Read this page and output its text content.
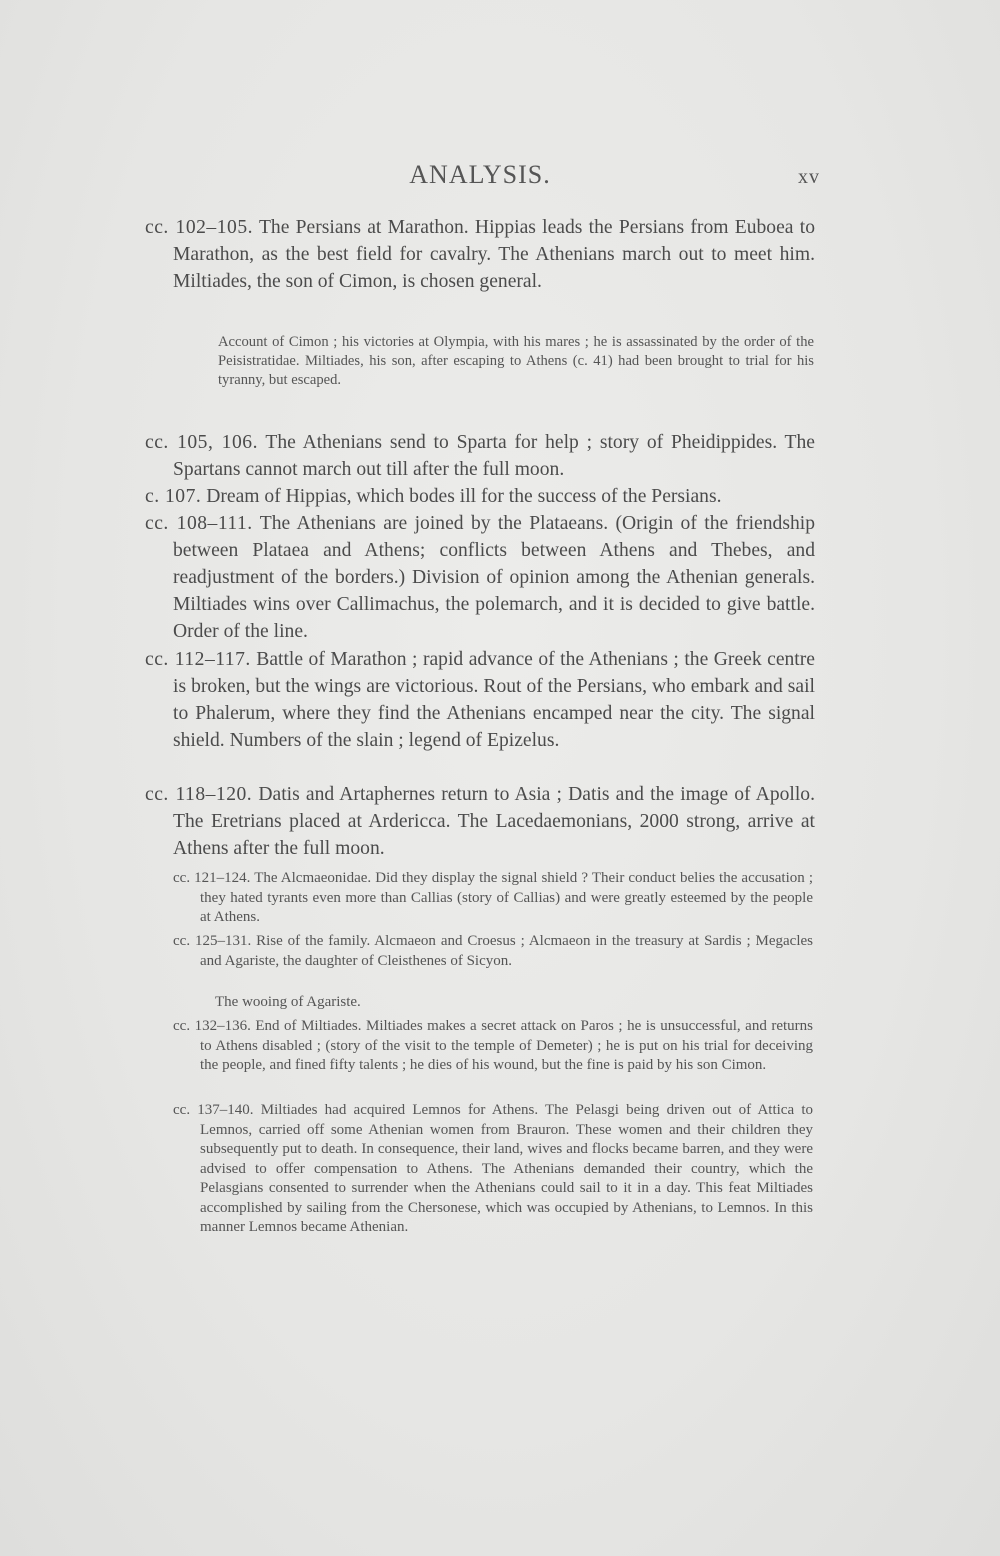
ANALYSIS.	xv
cc. 102–105. The Persians at Marathon. Hippias leads the Persians from Euboea to Marathon, as the best field for cavalry. The Athenians march out to meet him. Miltiades, the son of Cimon, is chosen general.
Account of Cimon ; his victories at Olympia, with his mares ; he is assassinated by the order of the Peisistratidae. Miltiades, his son, after escaping to Athens (c. 41) had been brought to trial for his tyranny, but escaped.
cc. 105, 106. The Athenians send to Sparta for help ; story of Pheidippides. The Spartans cannot march out till after the full moon.
c. 107. Dream of Hippias, which bodes ill for the success of the Persians.
cc. 108–111. The Athenians are joined by the Plataeans. (Origin of the friendship between Plataea and Athens; conflicts between Athens and Thebes, and readjustment of the borders.) Division of opinion among the Athenian generals. Miltiades wins over Callimachus, the polemarch, and it is decided to give battle. Order of the line.
cc. 112–117. Battle of Marathon ; rapid advance of the Athenians ; the Greek centre is broken, but the wings are victorious. Rout of the Persians, who embark and sail to Phalerum, where they find the Athenians encamped near the city. The signal shield. Numbers of the slain ; legend of Epizelus.
cc. 118–120. Datis and Artaphernes return to Asia ; Datis and the image of Apollo. The Eretrians placed at Ardericca. The Lacedaemonians, 2000 strong, arrive at Athens after the full moon.
cc. 121–124. The Alcmaeonidae. Did they display the signal shield ? Their conduct belies the accusation ; they hated tyrants even more than Callias (story of Callias) and were greatly esteemed by the people at Athens.
cc. 125–131. Rise of the family. Alcmaeon and Croesus ; Alcmaeon in the treasury at Sardis ; Megacles and Agariste, the daughter of Cleisthenes of Sicyon.
The wooing of Agariste.
cc. 132–136. End of Miltiades. Miltiades makes a secret attack on Paros ; he is unsuccessful, and returns to Athens disabled ; (story of the visit to the temple of Demeter) ; he is put on his trial for deceiving the people, and fined fifty talents ; he dies of his wound, but the fine is paid by his son Cimon.
cc. 137–140. Miltiades had acquired Lemnos for Athens. The Pelasgi being driven out of Attica to Lemnos, carried off some Athenian women from Brauron. These women and their children they subsequently put to death. In consequence, their land, wives and flocks became barren, and they were advised to offer compensation to Athens. The Athenians demanded their country, which the Pelasgians consented to surrender when the Athenians could sail to it in a day. This feat Miltiades accomplished by sailing from the Chersonese, which was occupied by Athenians, to Lemnos. In this manner Lemnos became Athenian.
